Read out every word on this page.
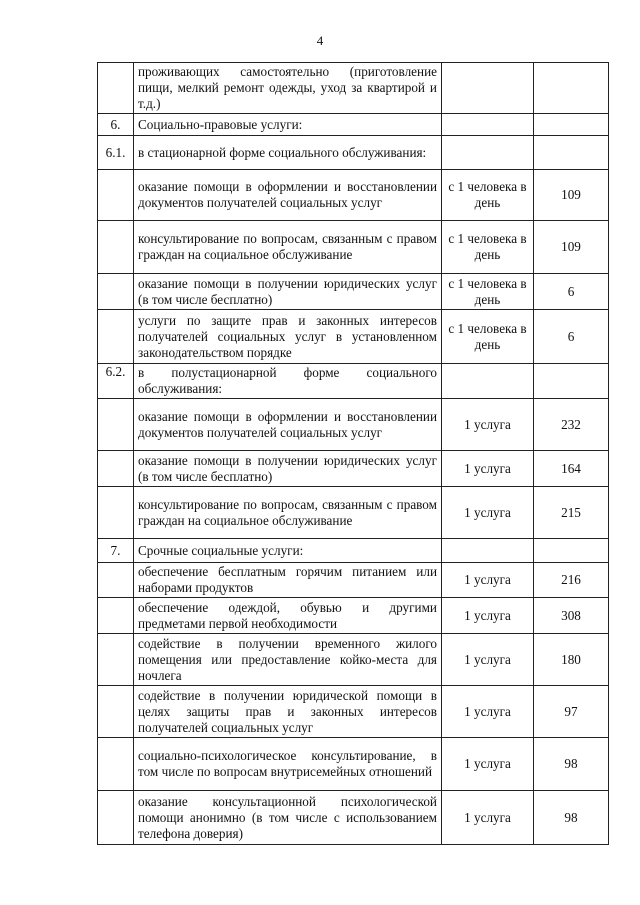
4
	проживающих самостоятельно (приготовление пищи, мелкий ремонт одежды, уход за квартирой и т.д.)		
6.	Социально-правовые услуги:		
6.1.	в стационарной форме социального обслуживания:		
	оказание помощи в оформлении и восстановлении документов получателей социальных услуг	с 1 человека в день	109
	консультирование по вопросам, связанным с правом граждан на социальное обслуживание	с 1 человека в день	109
	оказание помощи в получении юридических услуг (в том числе бесплатно)	с 1 человека в день	6
	услуги по защите прав и законных интересов получателей социальных услуг в установленном законодательством порядке	с 1 человека в день	6
6.2.	в полустационарной форме социального обслуживания:		
	оказание помощи в оформлении и восстановлении документов получателей социальных услуг	1 услуга	232
	оказание помощи в получении юридических услуг (в том числе бесплатно)	1 услуга	164
	консультирование по вопросам, связанным с правом граждан на социальное обслуживание	1 услуга	215
7.	Срочные социальные услуги:		
	обеспечение бесплатным горячим питанием или наборами продуктов	1 услуга	216
	обеспечение одеждой, обувью и другими предметами первой необходимости	1 услуга	308
	содействие в получении временного жилого помещения или предоставление койко-места для ночлега	1 услуга	180
	содействие в получении юридической помощи в целях защиты прав и законных интересов получателей социальных услуг	1 услуга	97
	социально-психологическое консультирование, в том числе по вопросам внутрисемейных отношений	1 услуга	98
	оказание консультационной психологической помощи анонимно (в том числе с использованием телефона доверия)	1 услуга	98
